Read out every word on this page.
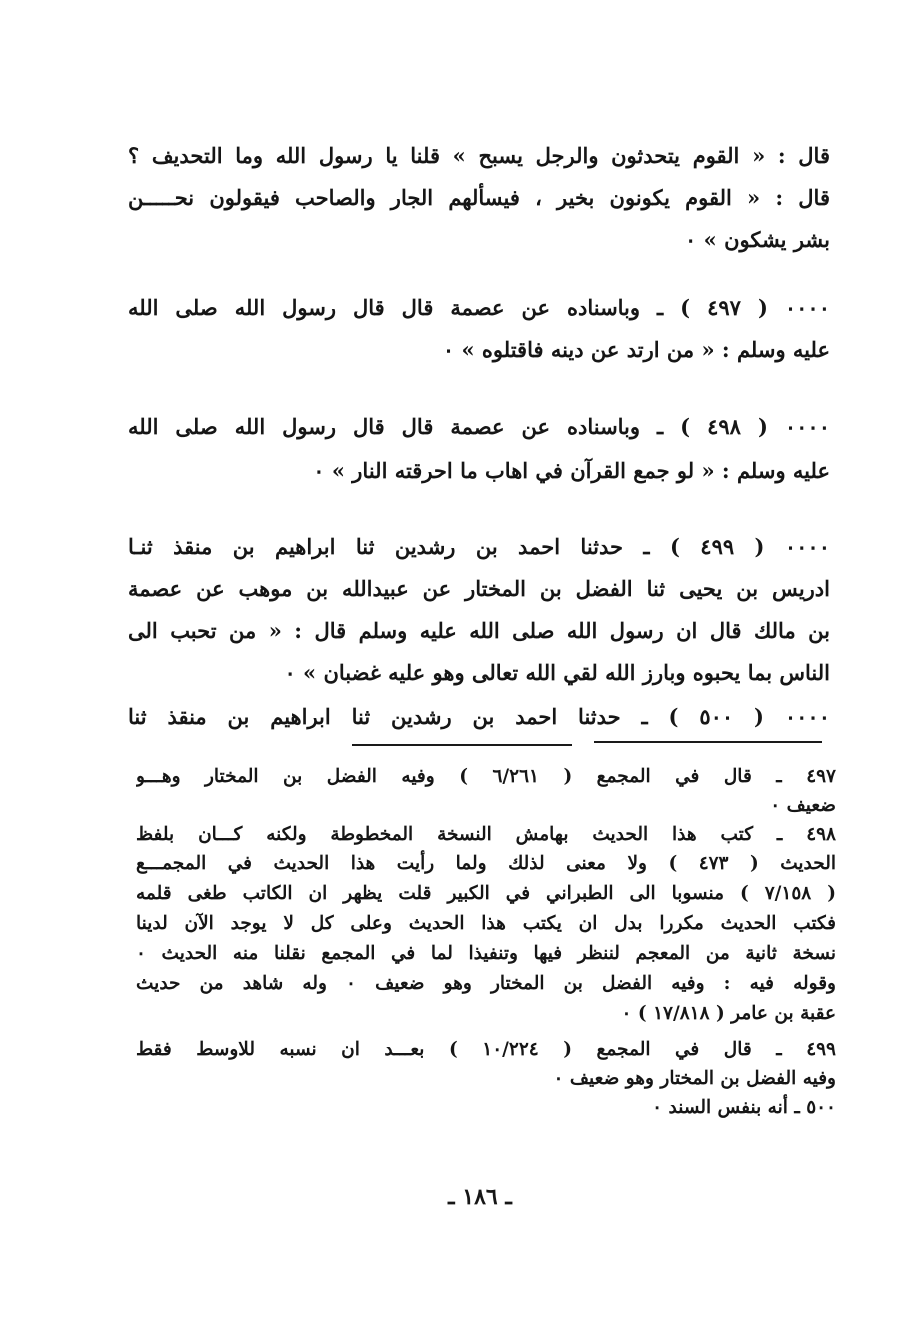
قال : « القوم يتحدثون والرجل يسبح » قلنا يا رسول الله وما التحديف ؟
قال : « القوم يكونون بخير ، فيسألهم الجار والصاحب فيقولون نحـــــن
بشر يشكون » ٠
٠٠٠٠ ( ٤٩٧ ) ـ وباسناده عن عصمة قال قال رسول الله صلى الله
عليه وسلم : « من ارتد عن دينه فاقتلوه » ٠
٠٠٠٠ ( ٤٩٨ ) ـ وباسناده عن عصمة قال قال رسول الله صلى الله
عليه وسلم : « لو جمع القرآن في اهاب ما احرقته النار » ٠
٠٠٠٠ ( ٤٩٩ ) ـ حدثنا احمد بن رشدين ثنا ابراهيم بن منقذ ثنـا
ادريس بن يحيى ثنا الفضل بن المختار عن عبيدالله بن موهب عن عصمة
بن مالك قال ان رسول الله صلى الله عليه وسلم قال : « من تحبب الى
الناس بما يحبوه وبارز الله لقي الله تعالى وهو عليه غضبان » ٠
٠٠٠٠ ( ٥٠٠ ) ـ حدثنا احمد بن رشدين ثنا ابراهيم بن منقذ ثنا
٤٩٧ ـ قال في المجمع ( ٦/٢٦١ ) وفيه الفضل بن المختار وهـــو
ضعيف ٠
٤٩٨ ـ كتب هذا الحديث بهامش النسخة المخطوطة ولكنه كـــان بلفظ
الحديث ( ٤٧٣ ) ولا معنى لذلك ولما رأيت هذا الحديث في المجمـــع
( ٧/١٥٨ ) منسوبا الى الطبراني في الكبير قلت يظهر ان الكاتب طغى قلمه
فكتب الحديث مكررا بدل ان يكتب هذا الحديث وعلى كل لا يوجد الآن لدينا
نسخة ثانية من المعجم لننظر فيها وتنفيذا لما في المجمع نقلنا منه الحديث ٠
وقوله فيه : وفيه الفضل بن المختار وهو ضعيف ٠ وله شاهد من حديث
عقبة بن عامر ( ١٧/٨١٨ ) ٠
٤٩٩ ـ قال في المجمع ( ١٠/٢٢٤ ) بعـــد ان نسبه للاوسط فقط
وفيه الفضل بن المختار وهو ضعيف ٠
٥٠٠ ـ أنه بنفس السند ٠
ـ ١٨٦ ـ
